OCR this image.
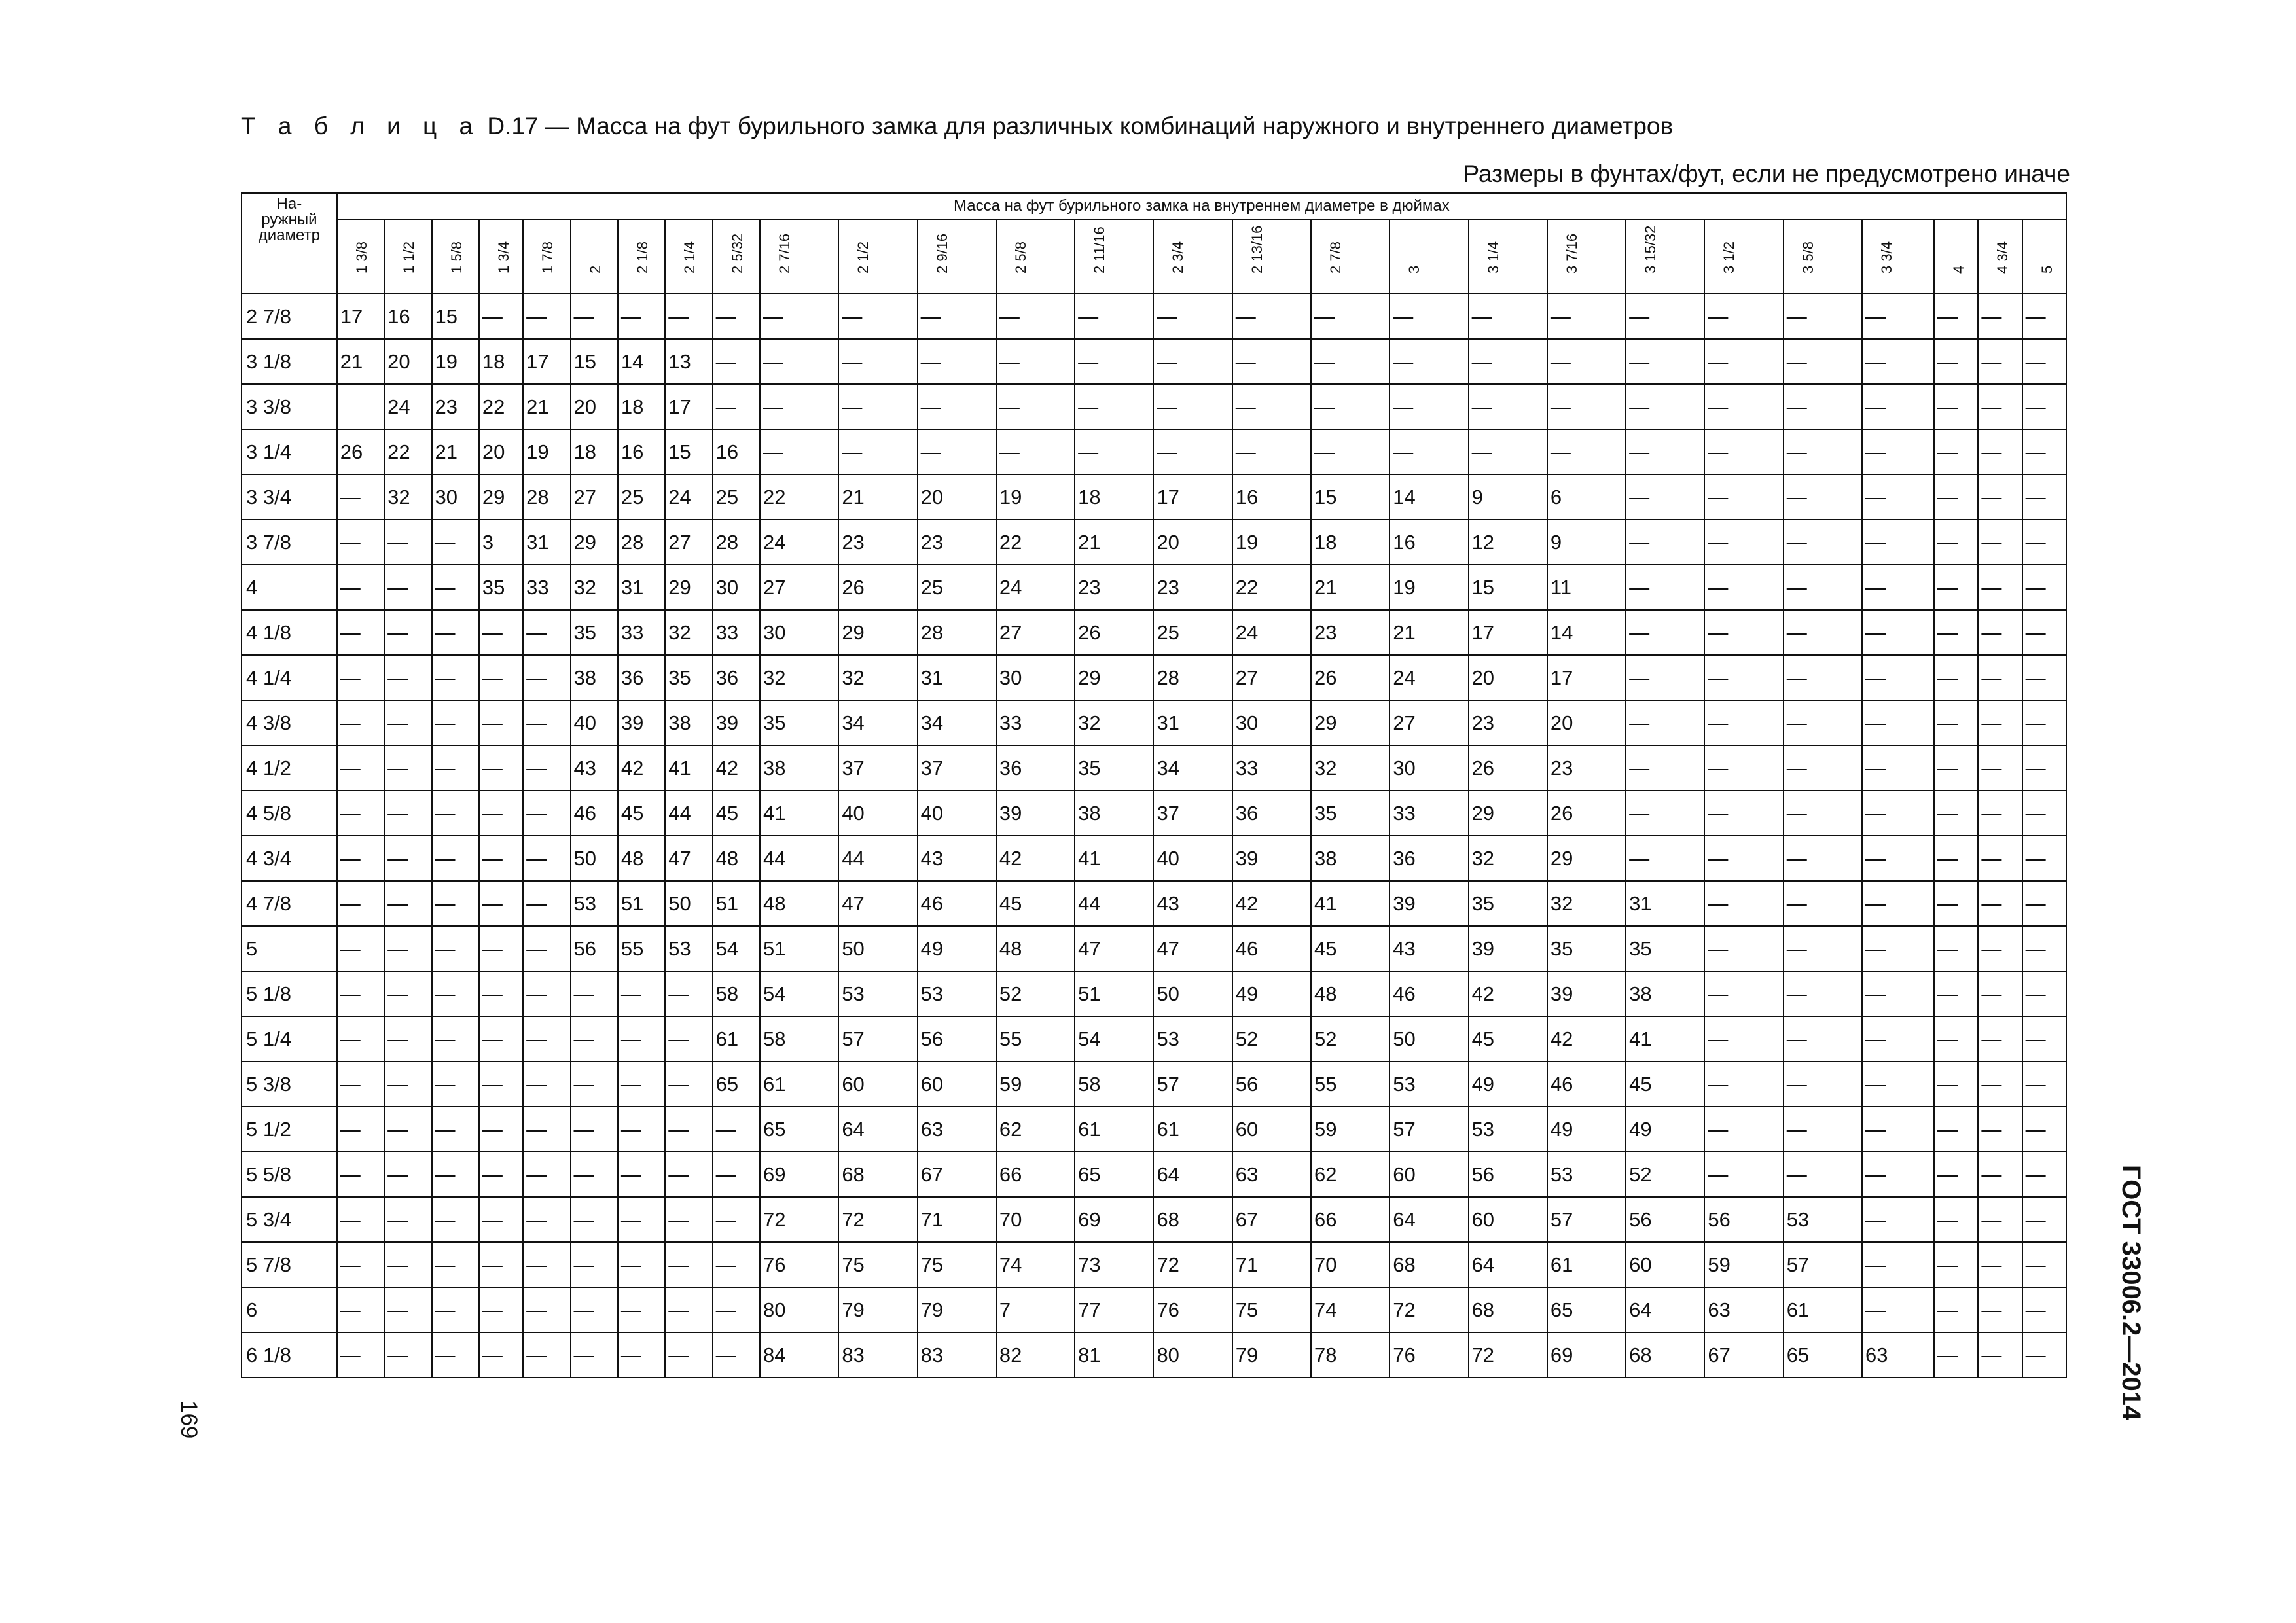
Т а б л и ц а D.17 — Масса на фут бурильного замка для различных комбинаций наружного и внутреннего диаметров
Размеры в фунтах/фут, если не предусмотрено иначе
На-
ружный
диаметр	Масса на фут бурильного замка на внутреннем диаметре в дюймах																										

	1 3/8	1 1/2	1 5/8	1 3/4	1 7/8	2	2 1/8	2 1/4	2 5/32	2 7/16	2 1/2	2 9/16	2 5/8	2 11/16	2 3/4	2 13/16	2 7/8	3	3 1/4	3 7/16	3 15/32	3 1/2	3 5/8	3 3/4	4	4 3/4	5

2 7/8	17	16	15	—	—	—	—	—	—	—	—	—	—	—	—	—	—	—	—	—	—	—	—	—	—	—	—
3 1/8	21	20	19	18	17	15	14	13	—	—	—	—	—	—	—	—	—	—	—	—	—	—	—	—	—	—	—
3 3/8		24	23	22	21	20	18	17	—	—	—	—	—	—	—	—	—	—	—	—	—	—	—	—	—	—	—
3 1/4	26	22	21	20	19	18	16	15	16	—	—	—	—	—	—	—	—	—	—	—	—	—	—	—	—	—	—
3 3/4	—	32	30	29	28	27	25	24	25	22	21	20	19	18	17	16	15	14	9	6	—	—	—	—	—	—	—
3 7/8	—	—	—	3	31	29	28	27	28	24	23	23	22	21	20	19	18	16	12	9	—	—	—	—	—	—	—
4	—	—	—	35	33	32	31	29	30	27	26	25	24	23	23	22	21	19	15	11	—	—	—	—	—	—	—
4 1/8	—	—	—	—	—	35	33	32	33	30	29	28	27	26	25	24	23	21	17	14	—	—	—	—	—	—	—
4 1/4	—	—	—	—	—	38	36	35	36	32	32	31	30	29	28	27	26	24	20	17	—	—	—	—	—	—	—
4 3/8	—	—	—	—	—	40	39	38	39	35	34	34	33	32	31	30	29	27	23	20	—	—	—	—	—	—	—
4 1/2	—	—	—	—	—	43	42	41	42	38	37	37	36	35	34	33	32	30	26	23	—	—	—	—	—	—	—
4 5/8	—	—	—	—	—	46	45	44	45	41	40	40	39	38	37	36	35	33	29	26	—	—	—	—	—	—	—
4 3/4	—	—	—	—	—	50	48	47	48	44	44	43	42	41	40	39	38	36	32	29	—	—	—	—	—	—	—
4 7/8	—	—	—	—	—	53	51	50	51	48	47	46	45	44	43	42	41	39	35	32	31	—	—	—	—	—	—
5	—	—	—	—	—	56	55	53	54	51	50	49	48	47	47	46	45	43	39	35	35	—	—	—	—	—	—
5 1/8	—	—	—	—	—	—	—	—	58	54	53	53	52	51	50	49	48	46	42	39	38	—	—	—	—	—	—
5 1/4	—	—	—	—	—	—	—	—	61	58	57	56	55	54	53	52	52	50	45	42	41	—	—	—	—	—	—
5 3/8	—	—	—	—	—	—	—	—	65	61	60	60	59	58	57	56	55	53	49	46	45	—	—	—	—	—	—
5 1/2	—	—	—	—	—	—	—	—	—	65	64	63	62	61	61	60	59	57	53	49	49	—	—	—	—	—	—
5 5/8	—	—	—	—	—	—	—	—	—	69	68	67	66	65	64	63	62	60	56	53	52	—	—	—	—	—	—
5 3/4	—	—	—	—	—	—	—	—	—	72	72	71	70	69	68	67	66	64	60	57	56	56	53	—	—	—	—
5 7/8	—	—	—	—	—	—	—	—	—	76	75	75	74	73	72	71	70	68	64	61	60	59	57	—	—	—	—
6	—	—	—	—	—	—	—	—	—	80	79	79	7	77	76	75	74	72	68	65	64	63	61	—	—	—	—
6 1/8	—	—	—	—	—	—	—	—	—	84	83	83	82	81	80	79	78	76	72	69	68	67	65	63	—	—	—
169	ГОСТ 33006.2—2014
